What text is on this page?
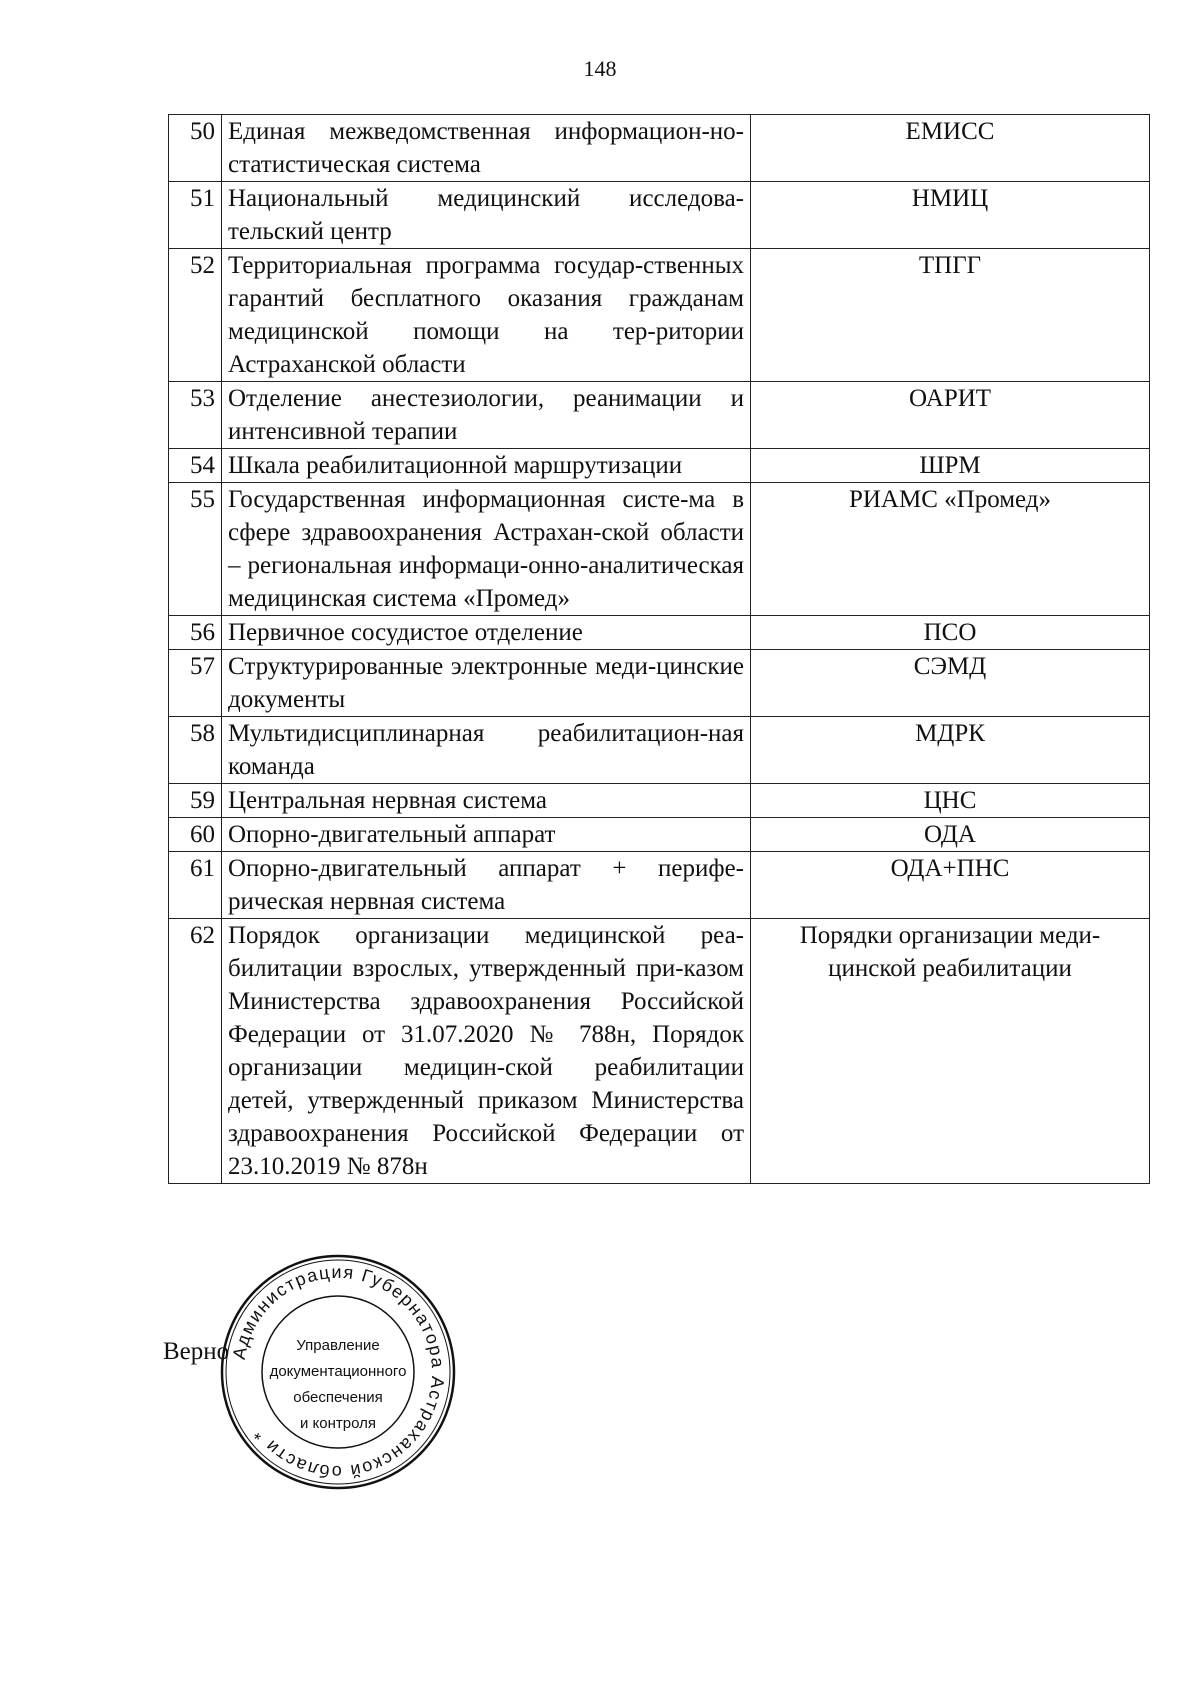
148
50	Единая межведомственная информацион-но-статистическая система	ЕМИСС
51	Национальный медицинский исследова-тельский центр	НМИЦ
52	Территориальная программа государ-ственных гарантий бесплатного оказания гражданам медицинской помощи на тер-ритории Астраханской области	ТПГГ
53	Отделение анестезиологии, реанимации и интенсивной терапии	ОАРИТ
54	Шкала реабилитационной маршрутизации	ШРМ
55	Государственная информационная систе-ма в сфере здравоохранения Астрахан-ской области – региональная информаци-онно-аналитическая медицинская система «Промед»	РИАМС «Промед»
56	Первичное сосудистое отделение	ПСО
57	Структурированные электронные меди-цинские документы	СЭМД
58	Мультидисциплинарная реабилитацион-ная команда	МДРК
59	Центральная нервная система	ЦНС
60	Опорно-двигательный аппарат	ОДА
61	Опорно-двигательный аппарат + перифе-рическая нервная система	ОДА+ПНС
62	Порядок организации медицинской реа-билитации взрослых, утвержденный при-казом Министерства здравоохранения Российской Федерации от 31.07.2020 № 788н, Порядок организации медицин-ской реабилитации детей, утвержденный приказом Министерства здравоохранения Российской Федерации от 23.10.2019 № 878н	Порядки организации меди-цинской реабилитации
Верно Администрация Губернатора Астраханской области *
Управление
документационного
обеспечения
и контроля
